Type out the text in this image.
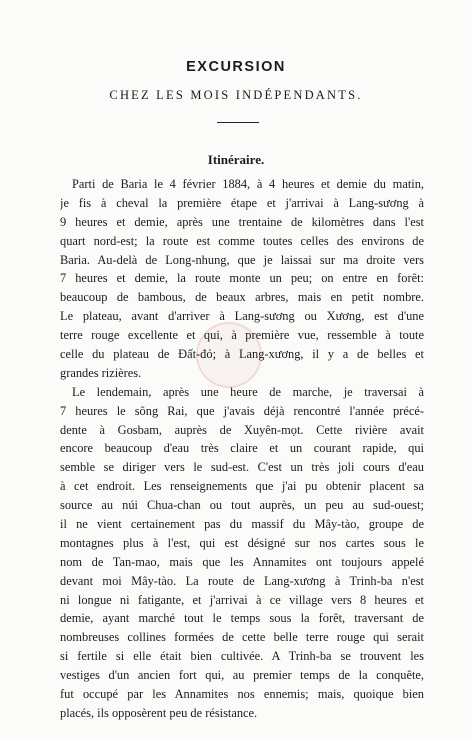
EXCURSION
CHEZ LES MOIS INDÉPENDANTS.
Itinéraire.
Parti de Baria le 4 février 1884, à 4 heures et demie du matin,
je fis à cheval la première étape et j'arrivai à Lang-sương à
9 heures et demie, après une trentaine de kilomètres dans l'est
quart nord-est; la route est comme toutes celles des environs de
Baria. Au-delà de Long-nhung, que je laissai sur ma droite vers
7 heures et demie, la route monte un peu; on entre en forêt:
beaucoup de bambous, de beaux arbres, mais en petit nombre.
Le plateau, avant d'arriver à Lang-sương ou Xương, est d'une
terre rouge excellente et qui, à première vue, ressemble à toute
celle du plateau de Đất-đỏ; à Lang-xương, il y a de belles et
grandes rizières.
Le lendemain, après une heure de marche, je traversai à
7 heures le sông Rai, que j'avais déjà rencontré l'année précé-
dente à Gosbam, auprès de Xuyên-mọt. Cette rivière avait
encore beaucoup d'eau très claire et un courant rapide, qui
semble se diriger vers le sud-est. C'est un très joli cours d'eau
à cet endroit. Les renseignements que j'ai pu obtenir placent sa
source au núi Chua-chan ou tout auprès, un peu au sud-ouest;
il ne vient certainement pas du massif du Mây-tào, groupe de
montagnes plus à l'est, qui est désigné sur nos cartes sous le
nom de Tan-mao, mais que les Annamites ont toujours appelé
devant moi Mây-tào. La route de Lang-xương à Trinh-ba n'est
ni longue ni fatigante, et j'arrivai à ce village vers 8 heures et
demie, ayant marché tout le temps sous la forêt, traversant de
nombreuses collines formées de cette belle terre rouge qui serait
si fertile si elle était bien cultivée. A Trinh-ba se trouvent les
vestiges d'un ancien fort qui, au premier temps de la conquête,
fut occupé par les Annamites nos ennemis; mais, quoique bien
placés, ils opposèrent peu de résistance.
